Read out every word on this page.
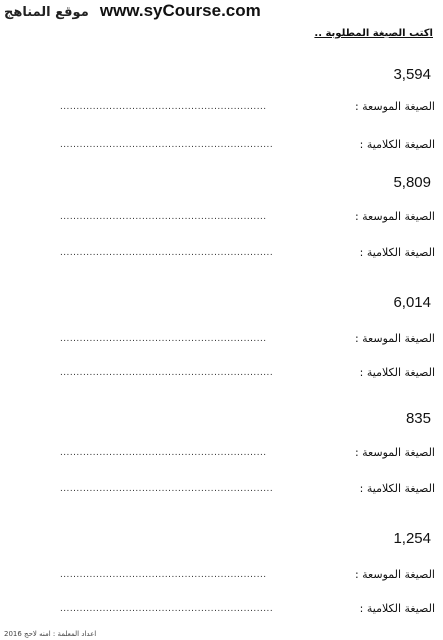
موقع المناهج www.syCourse.com
اكتب الصيغة المطلوبة ..
3,594
...............................................................	الصيغة الموسعة :
.................................................................	الصيغة الكلامية :
5,809
...............................................................	الصيغة الموسعة :
.................................................................	الصيغة الكلامية :
6,014
...............................................................	الصيغة الموسعة :
.................................................................	الصيغة الكلامية :
835
...............................................................	الصيغة الموسعة :
.................................................................	الصيغة الكلامية :
1,254
...............................................................	الصيغة الموسعة :
.................................................................	الصيغة الكلامية :
اعداد المعلمة : امنه لاحج 2016
